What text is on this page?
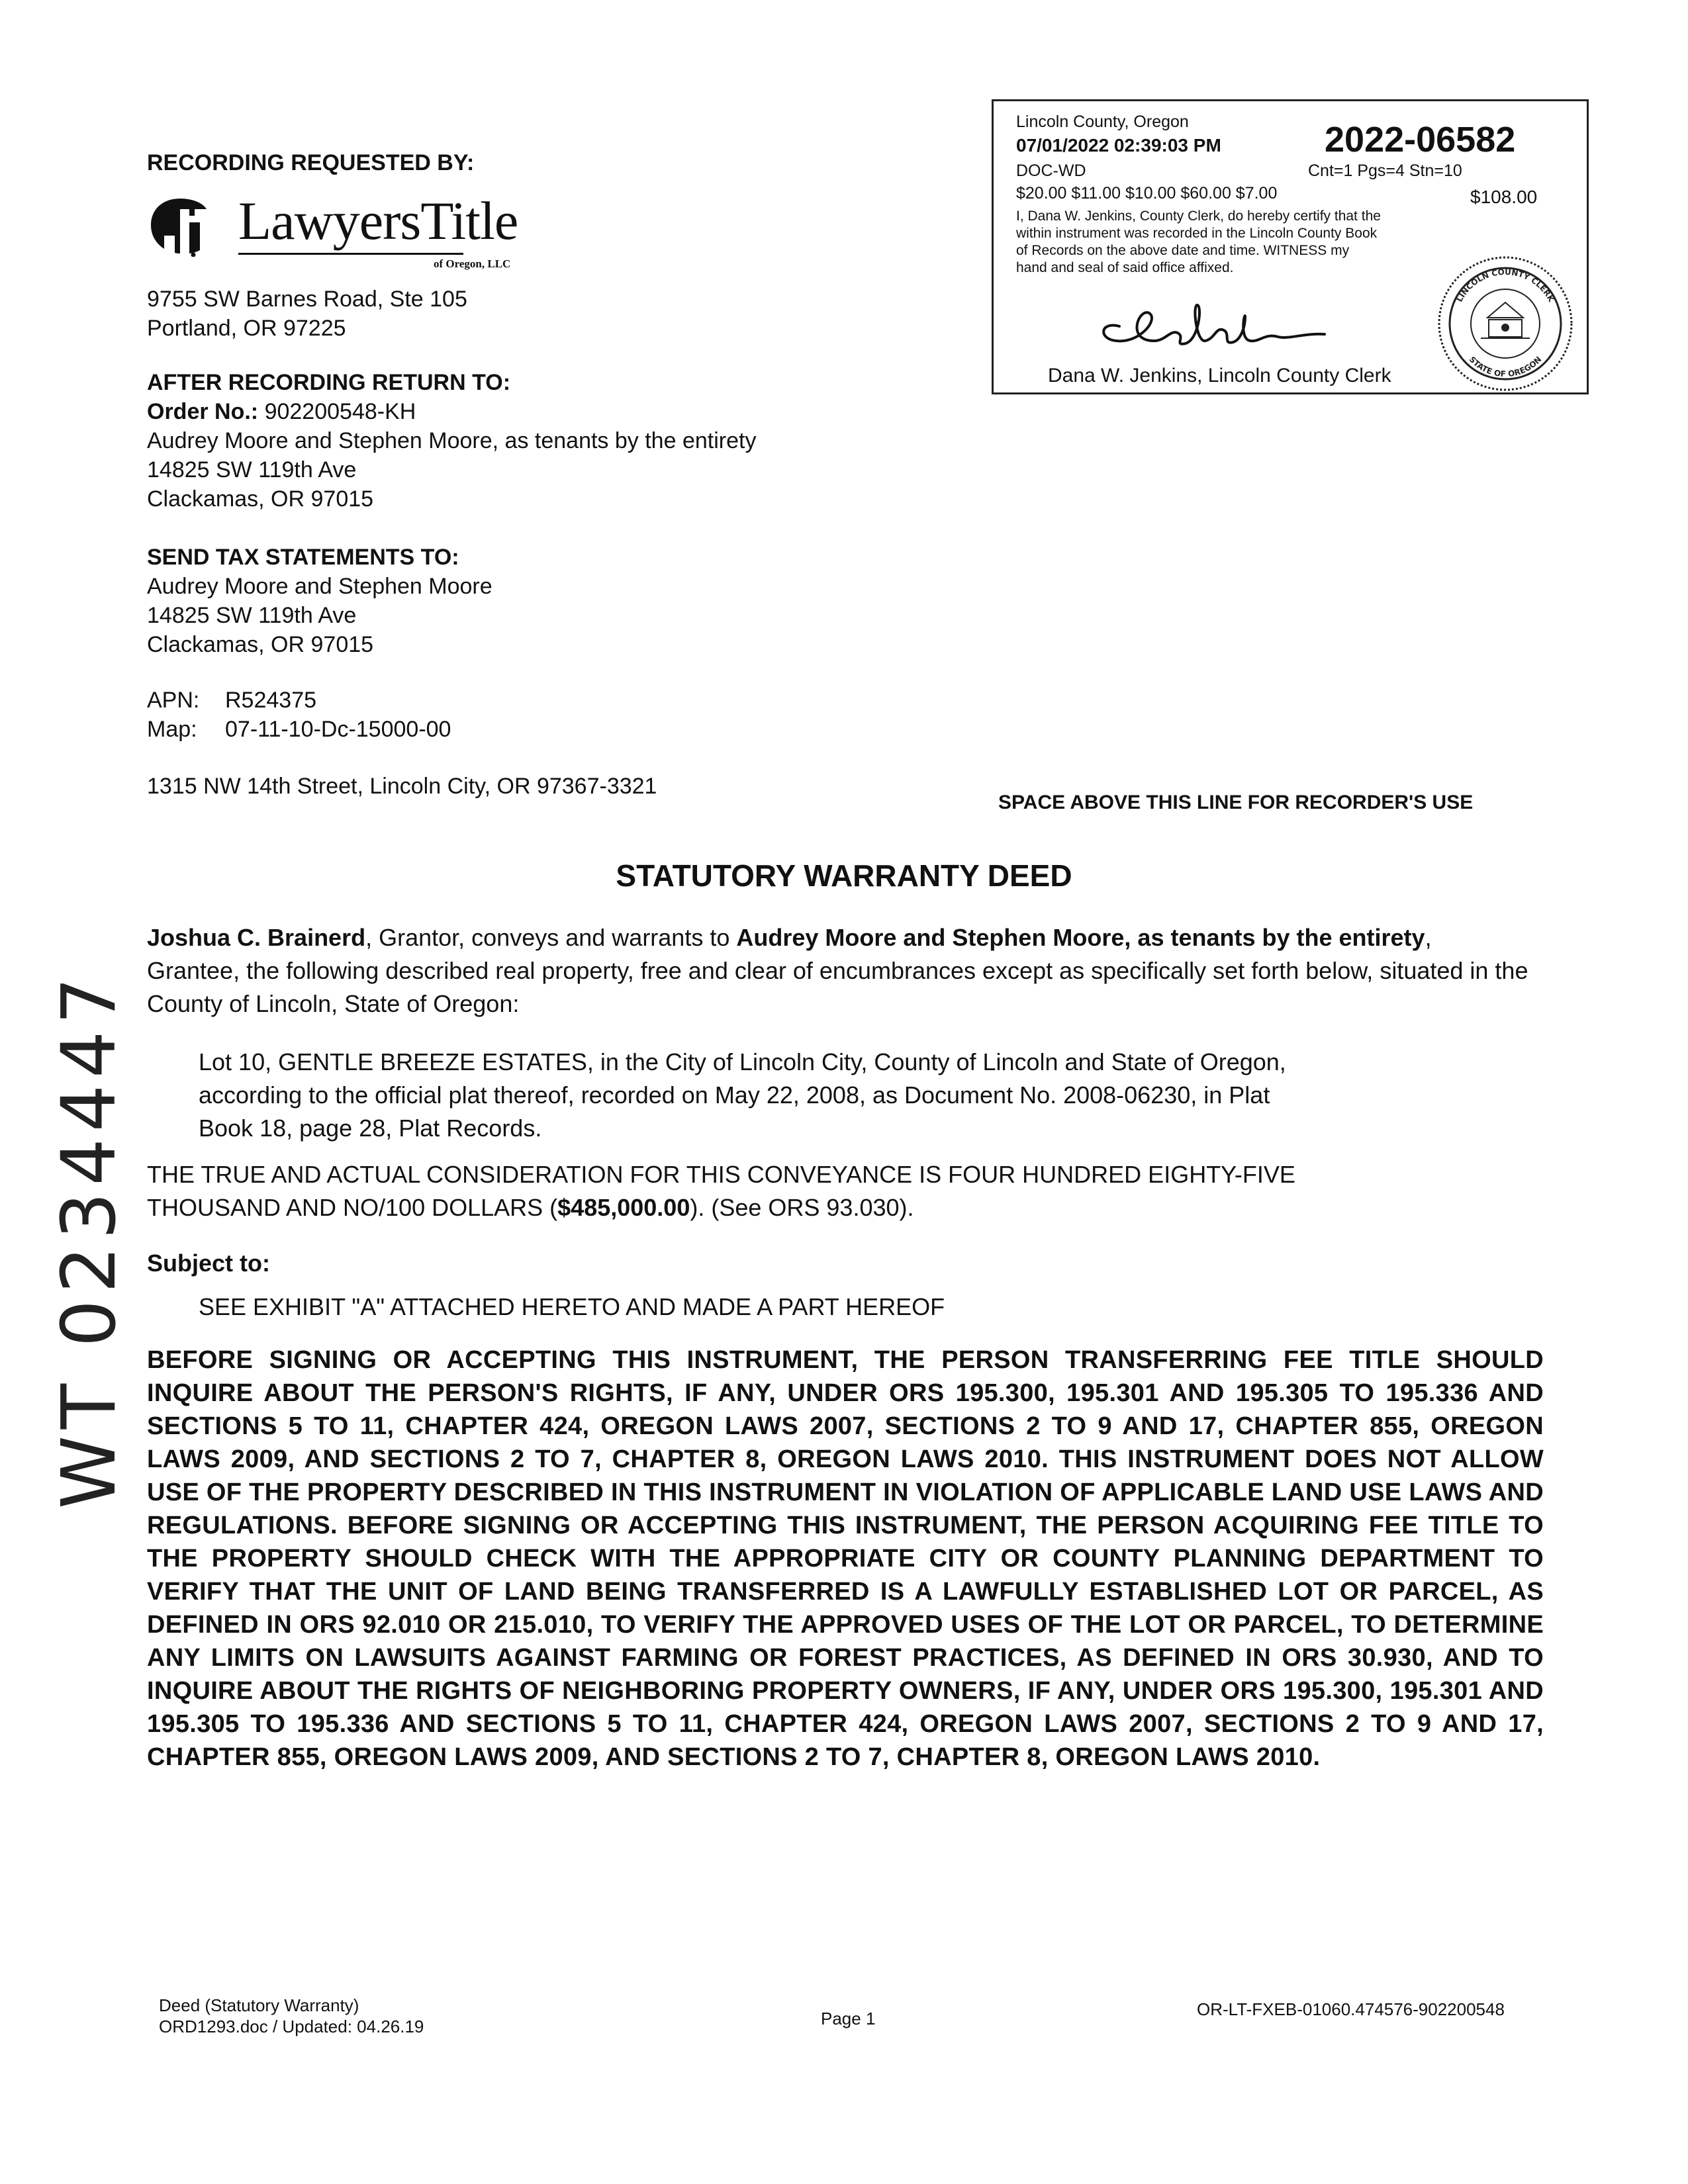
RECORDING REQUESTED BY:
LawyersTitle
of Oregon, LLC
9755 SW Barnes Road, Ste 105
Portland, OR 97225
AFTER RECORDING RETURN TO:
Order No.: 902200548-KH
Audrey Moore and Stephen Moore, as tenants by the entirety
14825 SW 119th Ave
Clackamas, OR 97015
SEND TAX STATEMENTS TO:
Audrey Moore and Stephen Moore
14825 SW 119th Ave
Clackamas, OR 97015
APN: R524375
Map: 07-11-10-Dc-15000-00
1315 NW 14th Street, Lincoln City, OR 97367-3321
Lincoln County, Oregon
07/01/2022 02:39:03 PM	2022-06582
DOC-WD	Cnt=1 Pgs=4 Stn=10
$20.00 $11.00 $10.00 $60.00 $7.00	$108.00
I, Dana W. Jenkins, County Clerk, do hereby certify that the
within instrument was recorded in the Lincoln County Book
of Records on the above date and time. WITNESS my
hand and seal of said office affixed.
Dana W. Jenkins, Lincoln County Clerk
LINCOLN COUNTY CLERK
STATE OF OREGON
SPACE ABOVE THIS LINE FOR RECORDER'S USE
STATUTORY WARRANTY DEED
Joshua C. Brainerd, Grantor, conveys and warrants to Audrey Moore and Stephen Moore, as tenants by the entirety, Grantee, the following described real property, free and clear of encumbrances except as specifically set forth below, situated in the County of Lincoln, State of Oregon:
Lot 10, GENTLE BREEZE ESTATES, in the City of Lincoln City, County of Lincoln and State of Oregon,
according to the official plat thereof, recorded on May 22, 2008, as Document No. 2008-06230, in Plat
Book 18, page 28, Plat Records.
THE TRUE AND ACTUAL CONSIDERATION FOR THIS CONVEYANCE IS FOUR HUNDRED EIGHTY-FIVE
THOUSAND AND NO/100 DOLLARS ($485,000.00). (See ORS 93.030).
Subject to:
SEE EXHIBIT "A" ATTACHED HERETO AND MADE A PART HEREOF
BEFORE SIGNING OR ACCEPTING THIS INSTRUMENT, THE PERSON TRANSFERRING FEE TITLE SHOULD INQUIRE ABOUT THE PERSON'S RIGHTS, IF ANY, UNDER ORS 195.300, 195.301 AND 195.305 TO 195.336 AND SECTIONS 5 TO 11, CHAPTER 424, OREGON LAWS 2007, SECTIONS 2 TO 9 AND 17, CHAPTER 855, OREGON LAWS 2009, AND SECTIONS 2 TO 7, CHAPTER 8, OREGON LAWS 2010. THIS INSTRUMENT DOES NOT ALLOW USE OF THE PROPERTY DESCRIBED IN THIS INSTRUMENT IN VIOLATION OF APPLICABLE LAND USE LAWS AND REGULATIONS. BEFORE SIGNING OR ACCEPTING THIS INSTRUMENT, THE PERSON ACQUIRING FEE TITLE TO THE PROPERTY SHOULD CHECK WITH THE APPROPRIATE CITY OR COUNTY PLANNING DEPARTMENT TO VERIFY THAT THE UNIT OF LAND BEING TRANSFERRED IS A LAWFULLY ESTABLISHED LOT OR PARCEL, AS DEFINED IN ORS 92.010 OR 215.010, TO VERIFY THE APPROVED USES OF THE LOT OR PARCEL, TO DETERMINE ANY LIMITS ON LAWSUITS AGAINST FARMING OR FOREST PRACTICES, AS DEFINED IN ORS 30.930, AND TO INQUIRE ABOUT THE RIGHTS OF NEIGHBORING PROPERTY OWNERS, IF ANY, UNDER ORS 195.300, 195.301 AND 195.305 TO 195.336 AND SECTIONS 5 TO 11, CHAPTER 424, OREGON LAWS 2007, SECTIONS 2 TO 9 AND 17, CHAPTER 855, OREGON LAWS 2009, AND SECTIONS 2 TO 7, CHAPTER 8, OREGON LAWS 2010.
WT 0234447
Deed (Statutory Warranty)
ORD1293.doc / Updated: 04.26.19	Page 1	OR-LT-FXEB-01060.474576-902200548
